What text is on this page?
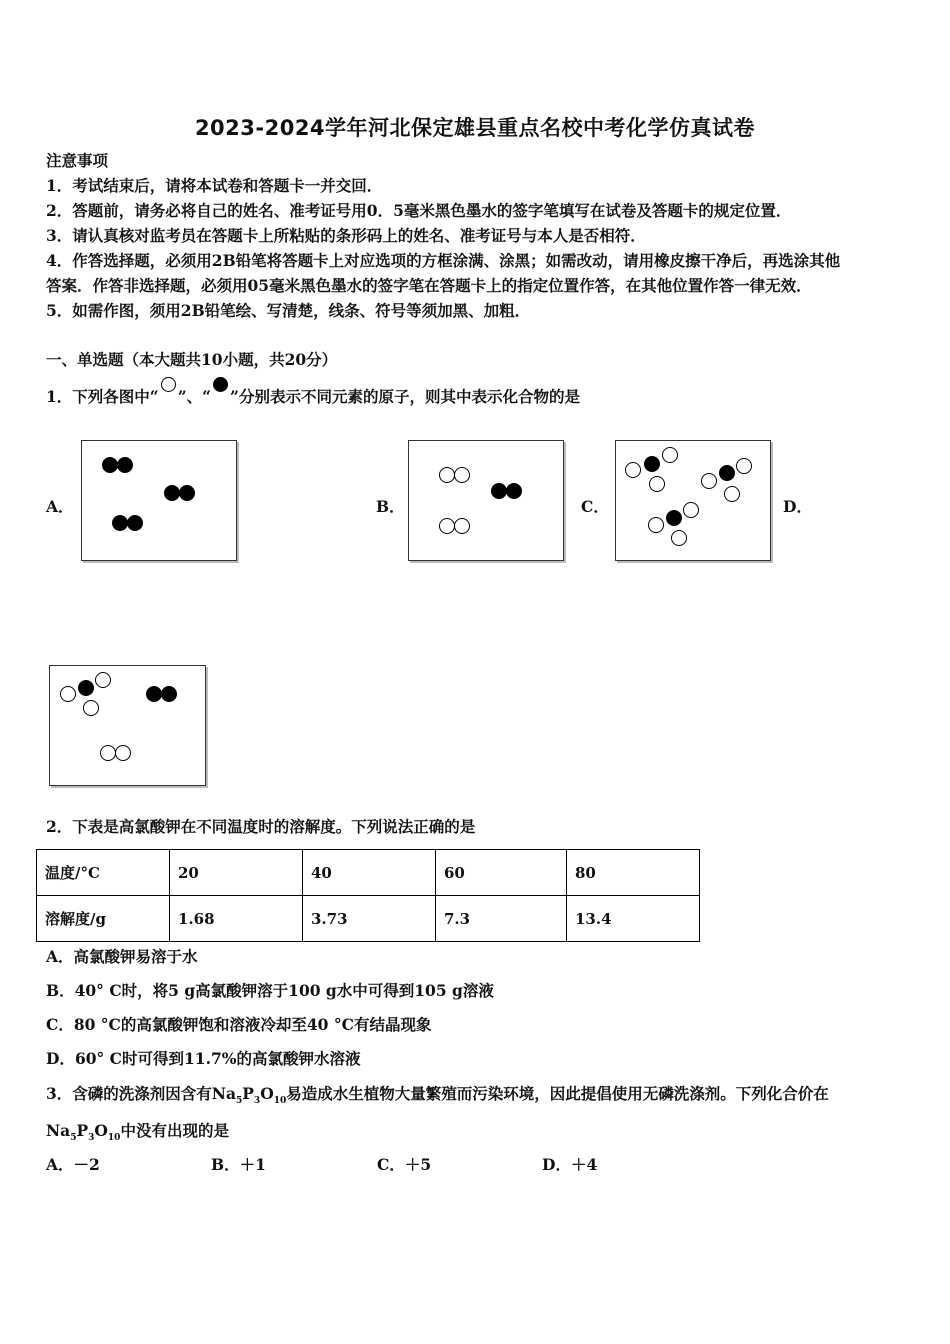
2023-2024学年河北保定雄县重点名校中考化学仿真试卷
注意事项
1．考试结束后，请将本试卷和答题卡一并交回．
2．答题前，请务必将自己的姓名、准考证号用0．5毫米黑色墨水的签字笔填写在试卷及答题卡的规定位置．
3．请认真核对监考员在答题卡上所粘贴的条形码上的姓名、准考证号与本人是否相符．
4．作答选择题，必须用2B铅笔将答题卡上对应选项的方框涂满、涂黑；如需改动，请用橡皮擦干净后，再选涂其他
答案．作答非选择题，必须用05毫米黑色墨水的签字笔在答题卡上的指定位置作答，在其他位置作答一律无效．
5．如需作图，须用2B铅笔绘、写清楚，线条、符号等须加黑、加粗．
一、单选题（本大题共10小题，共20分）
1．下列各图中“ ”、“ ”分别表示不同元素的原子，则其中表示化合物的是
A．	B．	C．	D．
2．下表是高氯酸钾在不同温度时的溶解度。下列说法正确的是
温度/°C	20	40	60	80
溶解度/g	1.68	3.73	7.3	13.4
A．高氯酸钾易溶于水
B．40° C时，将5 g高氯酸钾溶于100 g水中可得到105 g溶液
C．80 °C的高氯酸钾饱和溶液冷却至40 °C有结晶现象
D．60° C时可得到11.7%的高氯酸钾水溶液
3．含磷的洗涤剂因含有$Na_5P_3O_{10}$易造成水生植物大量繁殖而污染环境，因此提倡使用无磷洗涤剂。下列化合价在
$Na_5P_3O_{10}$中没有出现的是
A．－2	B．＋1	C．＋5	D．＋4
